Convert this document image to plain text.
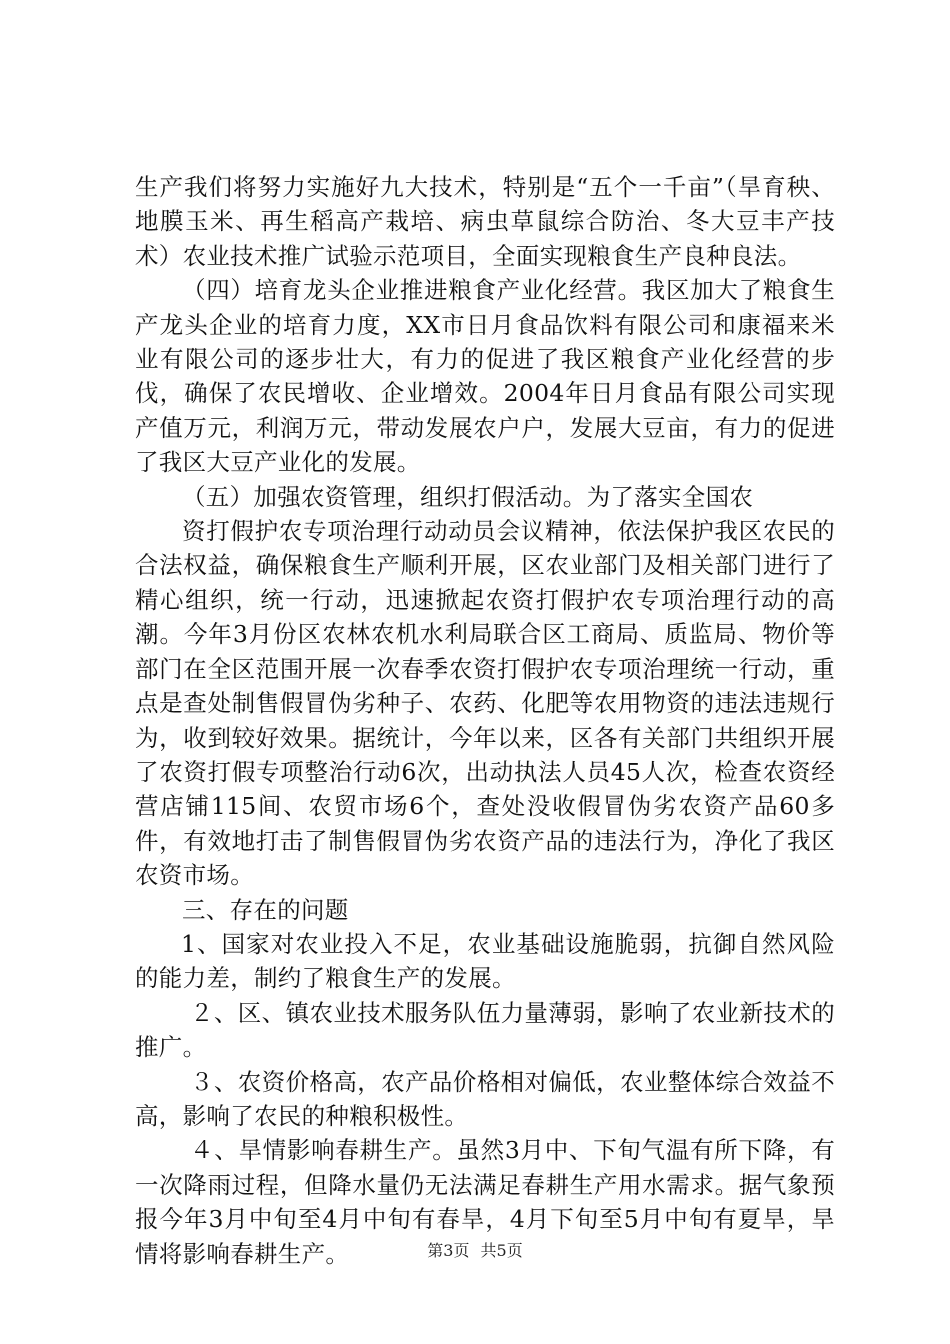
生产我们将努力实施好九大技术，特别是“五个一千亩”（旱育秧、地膜玉米、再生稻高产栽培、病虫草鼠综合防治、冬大豆丰产技术）农业技术推广试验示范项目，全面实现粮食生产良种良法。

（四）培育龙头企业推进粮食产业化经营。我区加大了粮食生产龙头企业的培育力度，XX市日月食品饮料有限公司和康福来米业有限公司的逐步壮大，有力的促进了我区粮食产业化经营的步伐，确保了农民增收、企业增效。2004年日月食品有限公司实现产值万元，利润万元，带动发展农户户，发展大豆亩，有力的促进了我区大豆产业化的发展。

（五）加强农资管理，组织打假活动。为了落实全国农

资打假护农专项治理行动动员会议精神，依法保护我区农民的合法权益，确保粮食生产顺利开展，区农业部门及相关部门进行了精心组织，统一行动，迅速掀起农资打假护农专项治理行动的高潮。今年3月份区农林农机水利局联合区工商局、质监局、物价等部门在全区范围开展一次春季农资打假护农专项治理统一行动，重点是查处制售假冒伪劣种子、农药、化肥等农用物资的违法违规行为，收到较好效果。据统计，今年以来，区各有关部门共组织开展了农资打假专项整治行动6次，出动执法人员45人次，检查农资经营店铺115间、农贸市场6个，查处没收假冒伪劣农资产品60多件，有效地打击了制售假冒伪劣农资产品的违法行为，净化了我区农资市场。

三、存在的问题

1、国家对农业投入不足，农业基础设施脆弱，抗御自然风险的能力差，制约了粮食生产的发展。

２、区、镇农业技术服务队伍力量薄弱，影响了农业新技术的推广。

３、农资价格高，农产品价格相对偏低，农业整体综合效益不高，影响了农民的种粮积极性。

４、旱情影响春耕生产。虽然3月中、下旬气温有所下降，有一次降雨过程，但降水量仍无法满足春耕生产用水需求。据气象预报今年3月中旬至4月中旬有春旱，4月下旬至5月中旬有夏旱，旱情将影响春耕生产。	第3页 共5页
